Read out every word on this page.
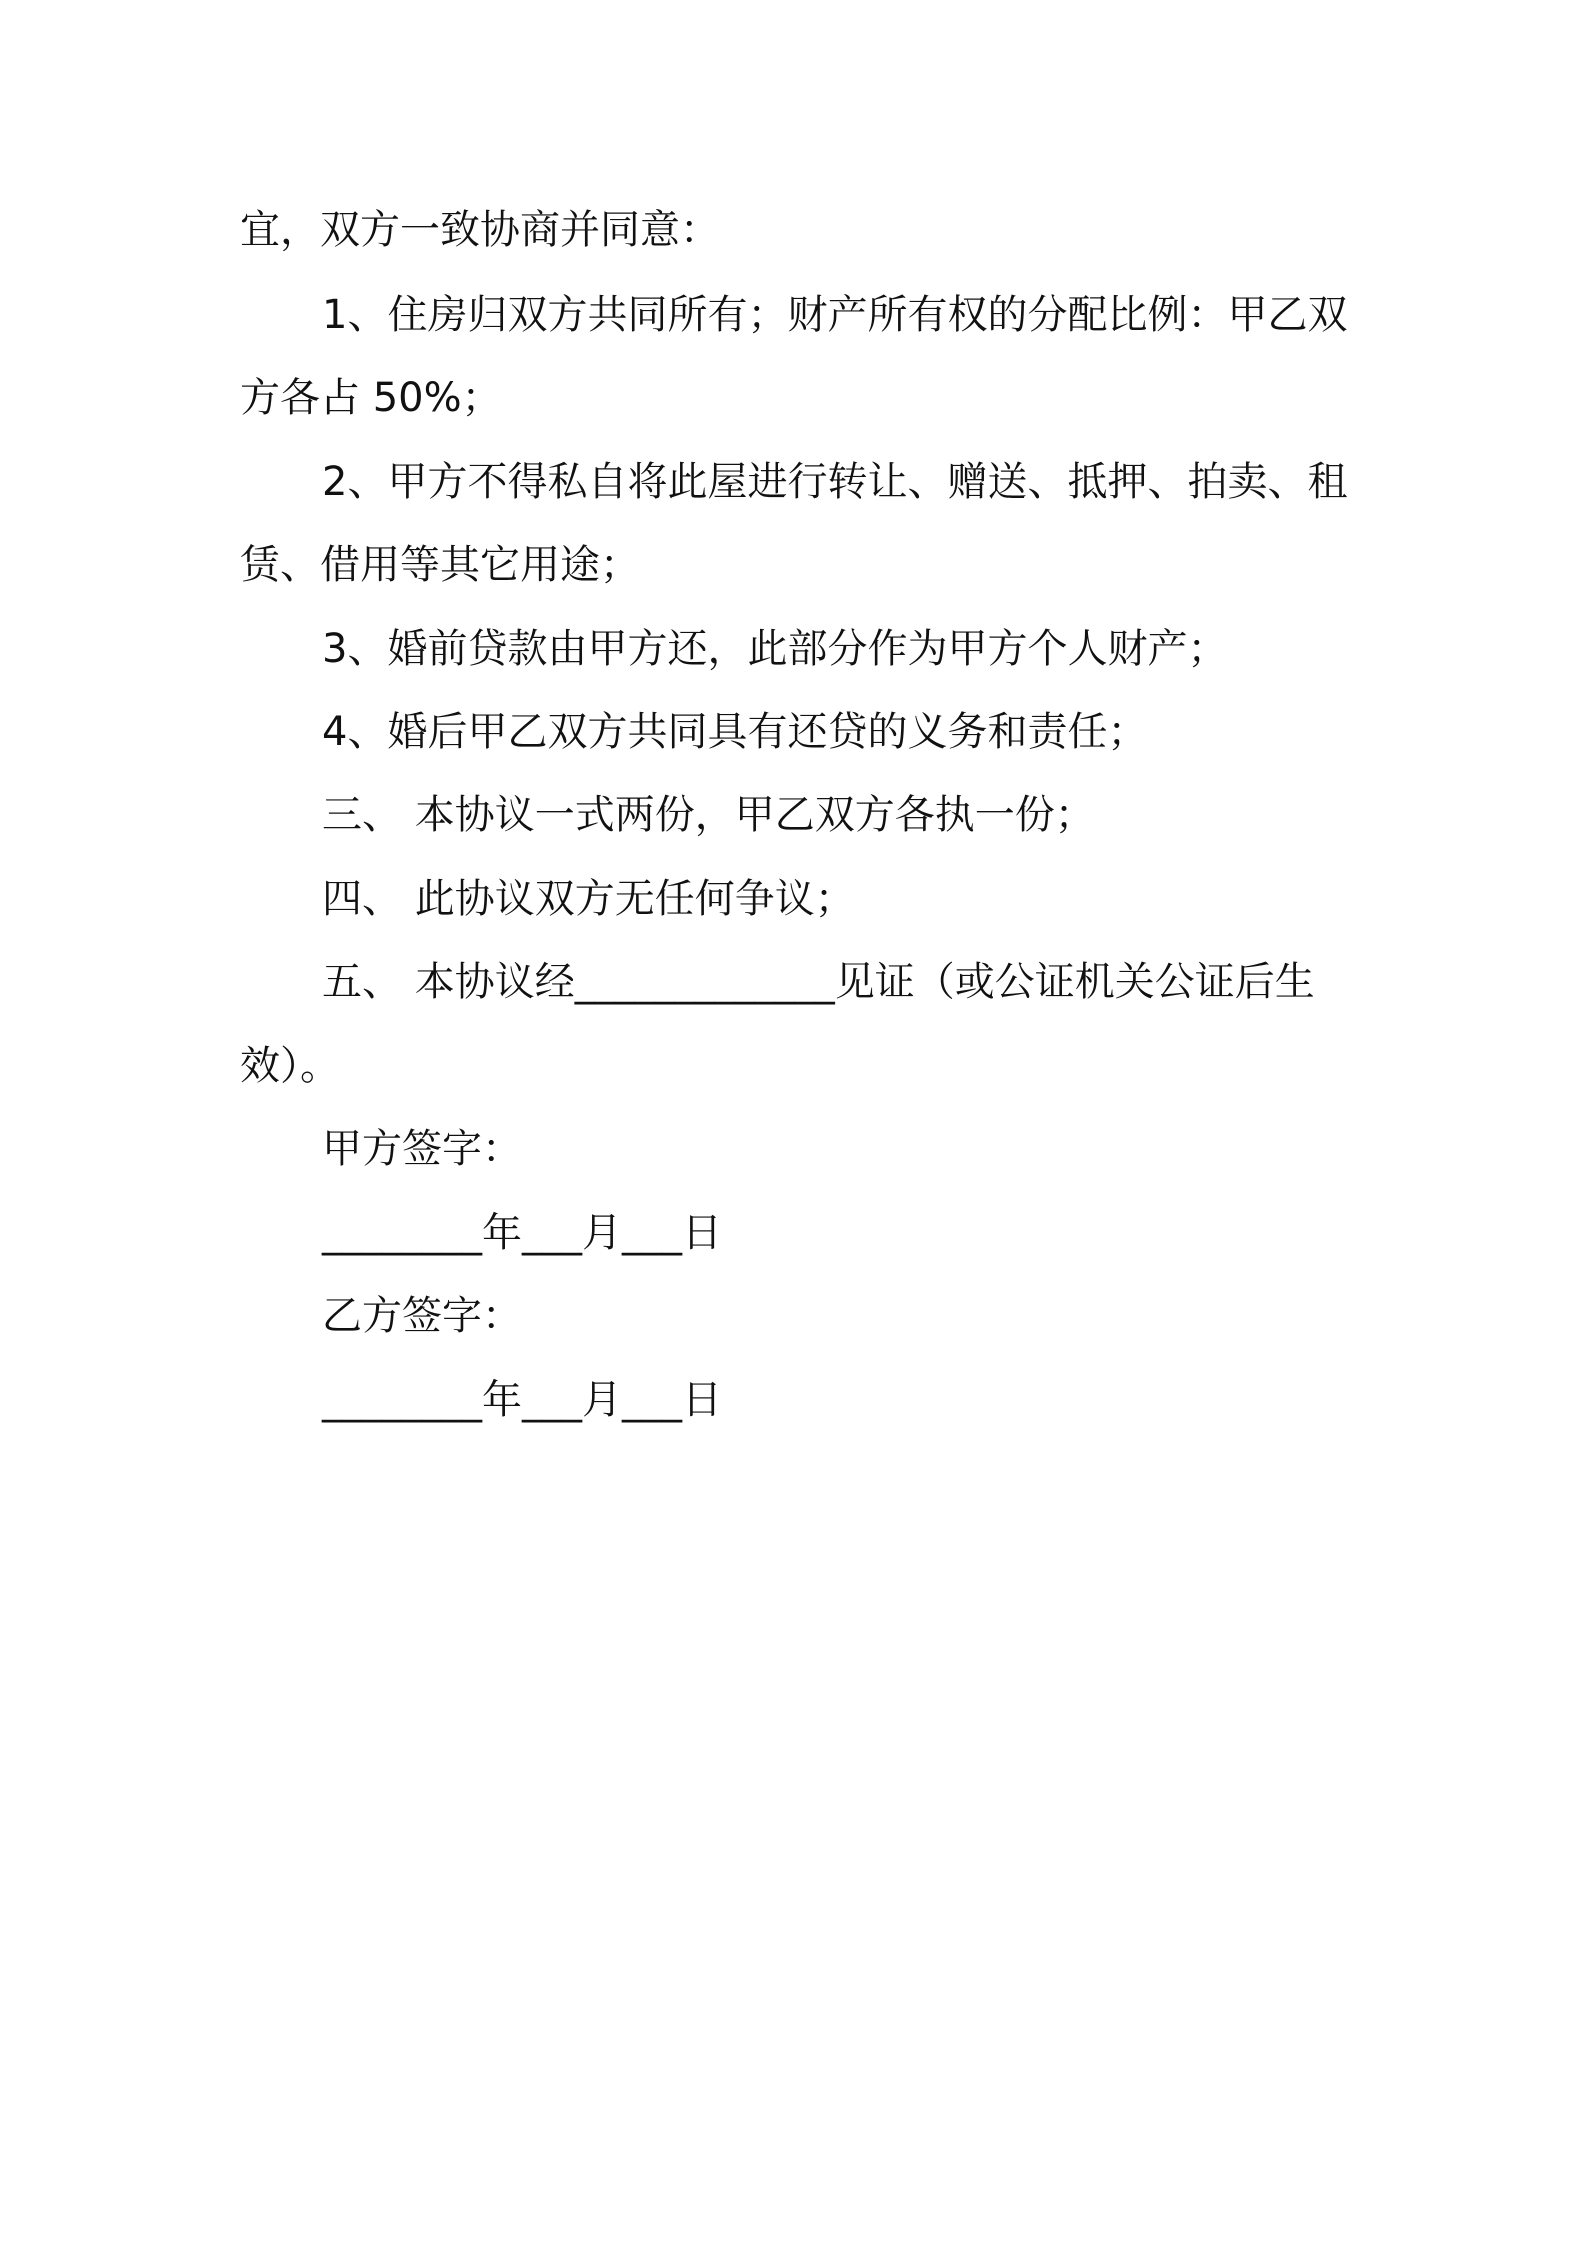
宜，双方一致协商并同意：
1、住房归双方共同所有；财产所有权的分配比例：甲乙双
方各占 50%；
2、甲方不得私自将此屋进行转让、赠送、抵押、拍卖、租
赁、借用等其它用途；
3、婚前贷款由甲方还，此部分作为甲方个人财产；
4、婚后甲乙双方共同具有还贷的义务和责任；
三、 本协议一式两份，甲乙双方各执一份；
四、 此协议双方无任何争议；
五、 本协议经_____________见证（或公证机关公证后生
效）。
甲方签字：
________年___月___日
乙方签字：
________年___月___日
